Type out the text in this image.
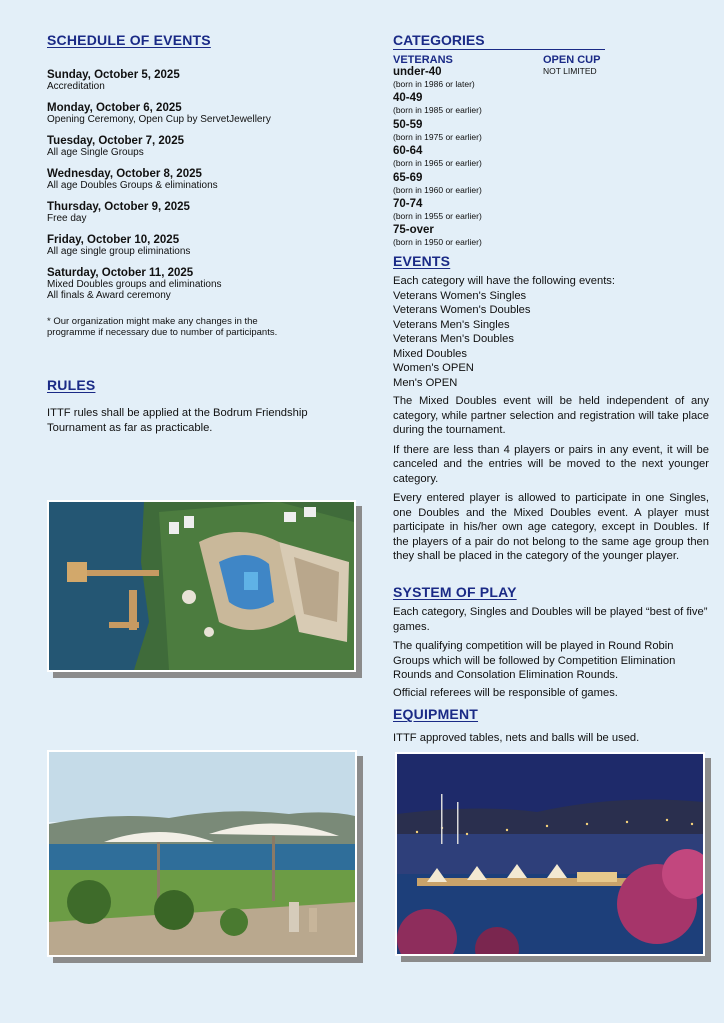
SCHEDULE OF EVENTS
Sunday, October 5, 2025
Accreditation
Monday, October 6, 2025
Opening Ceremony, Open Cup by ServetJewellery
Tuesday, October 7, 2025
All age Single Groups
Wednesday, October 8, 2025
All age Doubles Groups & eliminations
Thursday, October 9, 2025
Free day
Friday, October 10, 2025
All age single group eliminations
Saturday, October 11, 2025
Mixed Doubles groups and eliminations
All finals & Award ceremony
* Our organization might make any changes in the
programme if necessary due to number of participants.
RULES
ITTF rules shall be applied at the Bodrum Friendship
Tournament as far as practicable.
CATEGORIES
VETERANS	OPEN CUP
NOT LIMITED
under-40
(born in 1986 or later)
40-49
(born in 1985 or earlier)
50-59
(born in 1975 or earlier)
60-64
(born in 1965 or earlier)
65-69
(born in 1960 or earlier)
70-74
(born in 1955 or earlier)
75-over
(born in 1950 or earlier)
EVENTS
Each category will have the following events:
Veterans Women's Singles
Veterans Women's Doubles
Veterans Men's Singles
Veterans Men's Doubles
Mixed Doubles
Women's OPEN
Men's OPEN
The Mixed Doubles event will be held independent of any category, while partner selection and registration will take place during the tournament.
If there are less than 4 players or pairs in any event, it will be canceled and the entries will be moved to the next younger category.
Every entered player is allowed to participate in one Singles, one Doubles and the Mixed Doubles event. A player must participate in his/her own age category, except in Doubles. If the players of a pair do not belong to the same age group then they shall be placed in the category of the younger player.
SYSTEM OF PLAY
Each category, Singles and Doubles will be played “best of five” games.
The qualifying competition will be played in Round Robin Groups which will be followed by Competition Elimination Rounds and Consolation Elimination Rounds.
Official referees will be responsible of games.
EQUIPMENT
ITTF approved tables, nets and balls will be used.
